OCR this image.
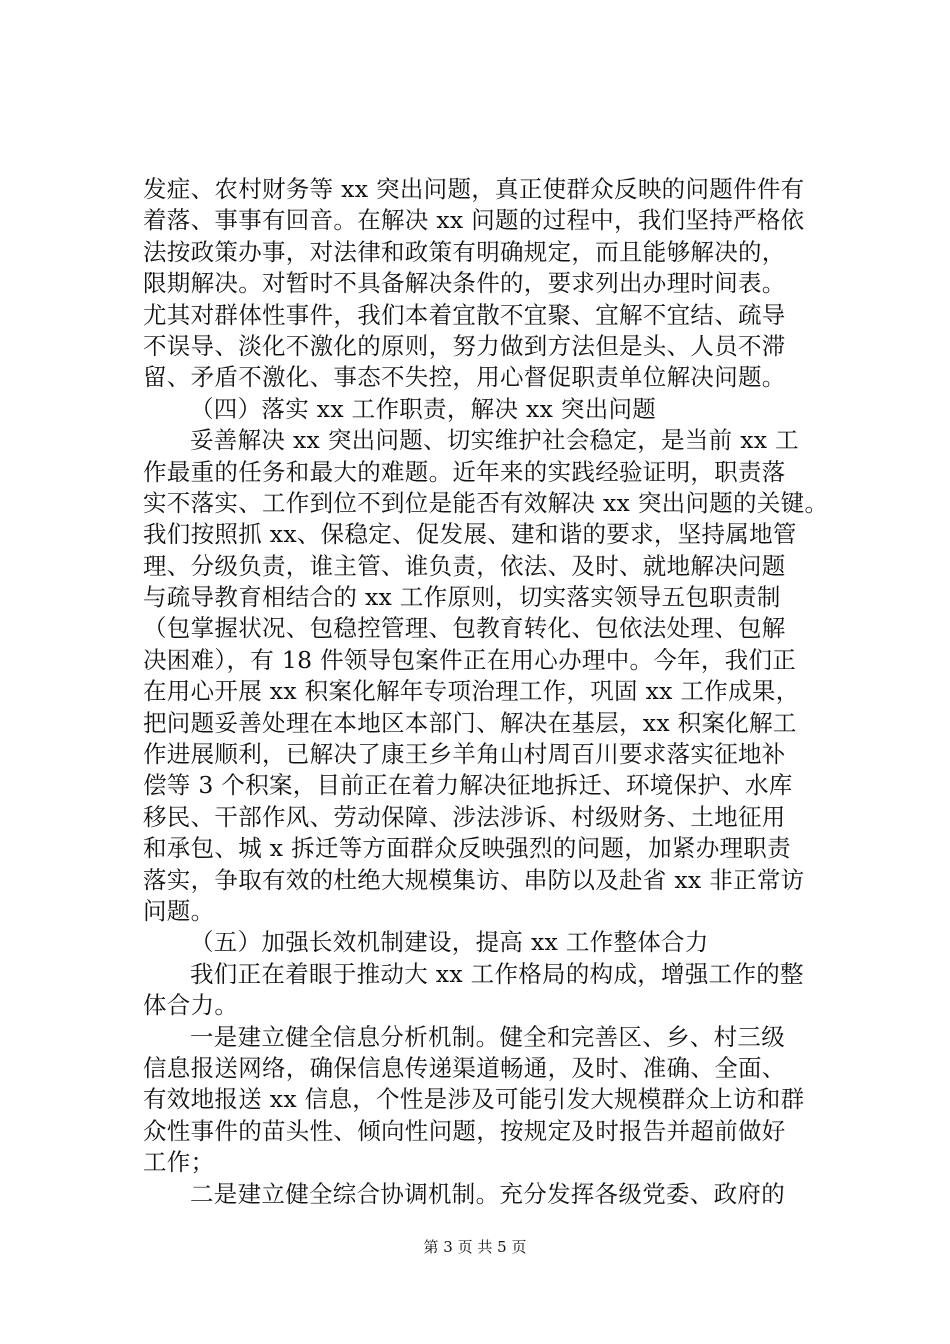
发症、农村财务等 xx 突出问题，真正使群众反映的问题件件有
着落、事事有回音。在解决 xx 问题的过程中，我们坚持严格依
法按政策办事，对法律和政策有明确规定，而且能够解决的，
限期解决。对暂时不具备解决条件的，要求列出办理时间表。
尤其对群体性事件，我们本着宜散不宜聚、宜解不宜结、疏导
不误导、淡化不激化的原则，努力做到方法但是头、人员不滞
留、矛盾不激化、事态不失控，用心督促职责单位解决问题。
（四）落实 xx 工作职责，解决 xx 突出问题
妥善解决 xx 突出问题、切实维护社会稳定，是当前 xx 工
作最重的任务和最大的难题。近年来的实践经验证明，职责落
实不落实、工作到位不到位是能否有效解决 xx 突出问题的关键。
我们按照抓 xx、保稳定、促发展、建和谐的要求，坚持属地管
理、分级负责，谁主管、谁负责，依法、及时、就地解决问题
与疏导教育相结合的 xx 工作原则，切实落实领导五包职责制
（包掌握状况、包稳控管理、包教育转化、包依法处理、包解
决困难），有 18 件领导包案件正在用心办理中。今年，我们正
在用心开展 xx 积案化解年专项治理工作，巩固 xx 工作成果，
把问题妥善处理在本地区本部门、解决在基层，xx 积案化解工
作进展顺利，已解决了康王乡羊角山村周百川要求落实征地补
偿等 3 个积案，目前正在着力解决征地拆迁、环境保护、水库
移民、干部作风、劳动保障、涉法涉诉、村级财务、土地征用
和承包、城 x 拆迁等方面群众反映强烈的问题，加紧办理职责
落实，争取有效的杜绝大规模集访、串防以及赴省 xx 非正常访
问题。
（五）加强长效机制建设，提高 xx 工作整体合力
我们正在着眼于推动大 xx 工作格局的构成，增强工作的整
体合力。
一是建立健全信息分析机制。健全和完善区、乡、村三级
信息报送网络，确保信息传递渠道畅通，及时、准确、全面、
有效地报送 xx 信息，个性是涉及可能引发大规模群众上访和群
众性事件的苗头性、倾向性问题，按规定及时报告并超前做好
工作；
二是建立健全综合协调机制。充分发挥各级党委、政府的
第 3 页 共 5 页
